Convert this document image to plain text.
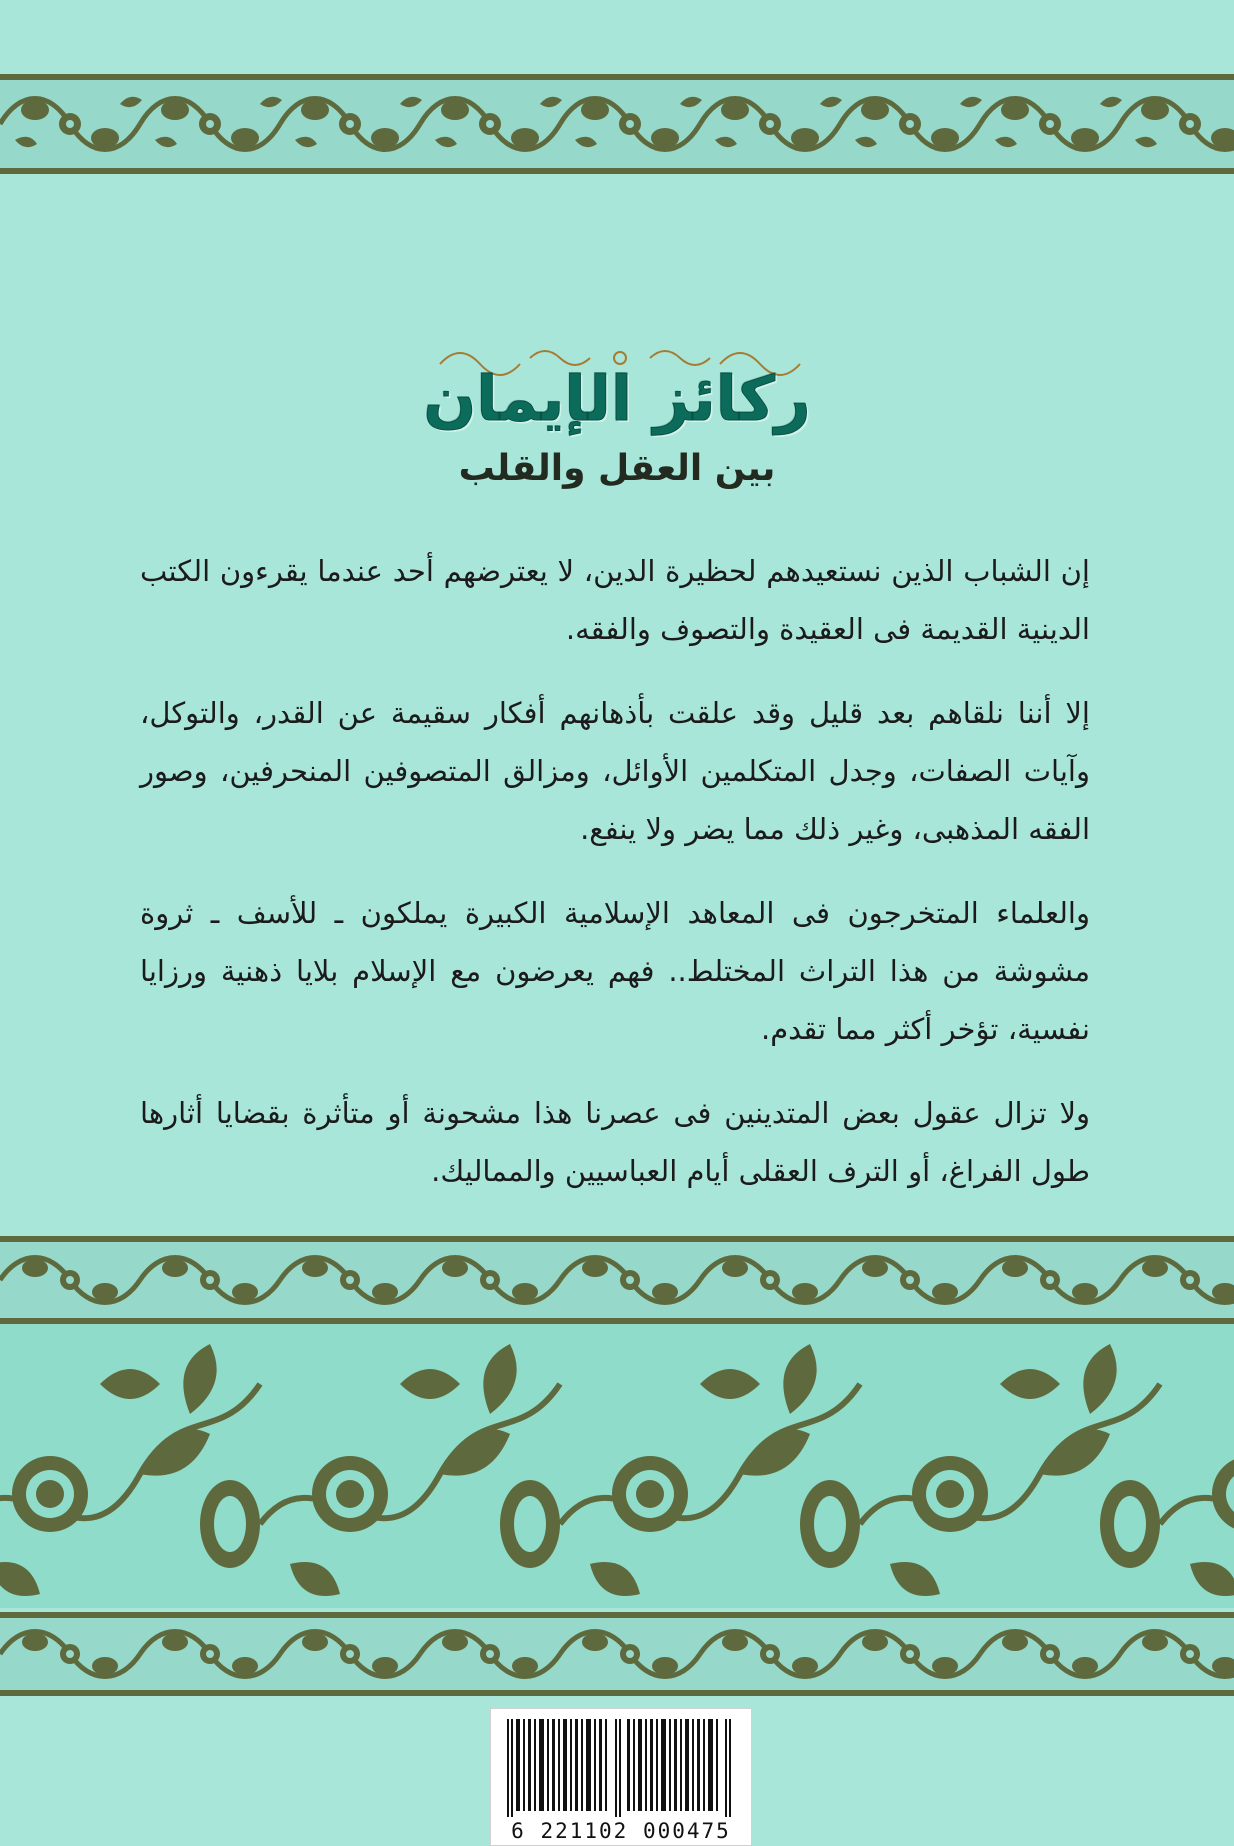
ركائز الإيمان
بين العقل والقلب

إن الشباب الذين نستعيدهم لحظيرة الدين، لا يعترضهم أحد عندما يقرءون الكتب الدينية القديمة فى العقيدة والتصوف والفقه.

إلا أننا نلقاهم بعد قليل وقد علقت بأذهانهم أفكار سقيمة عن القدر، والتوكل، وآيات الصفات، وجدل المتكلمين الأوائل، ومزالق المتصوفين المنحرفين، وصور الفقه المذهبى، وغير ذلك مما يضر ولا ينفع.

والعلماء المتخرجون فى المعاهد الإسلامية الكبيرة يملكون ـ للأسف ـ ثروة مشوشة من هذا التراث المختلط.. فهم يعرضون مع الإسلام بلايا ذهنية ورزايا نفسية، تؤخر أكثر مما تقدم.

ولا تزال عقول بعض المتدينين فى عصرنا هذا مشحونة أو متأثرة بقضايا أثارها طول الفراغ، أو الترف العقلى أيام العباسيين والمماليك.

6 221102 000475
